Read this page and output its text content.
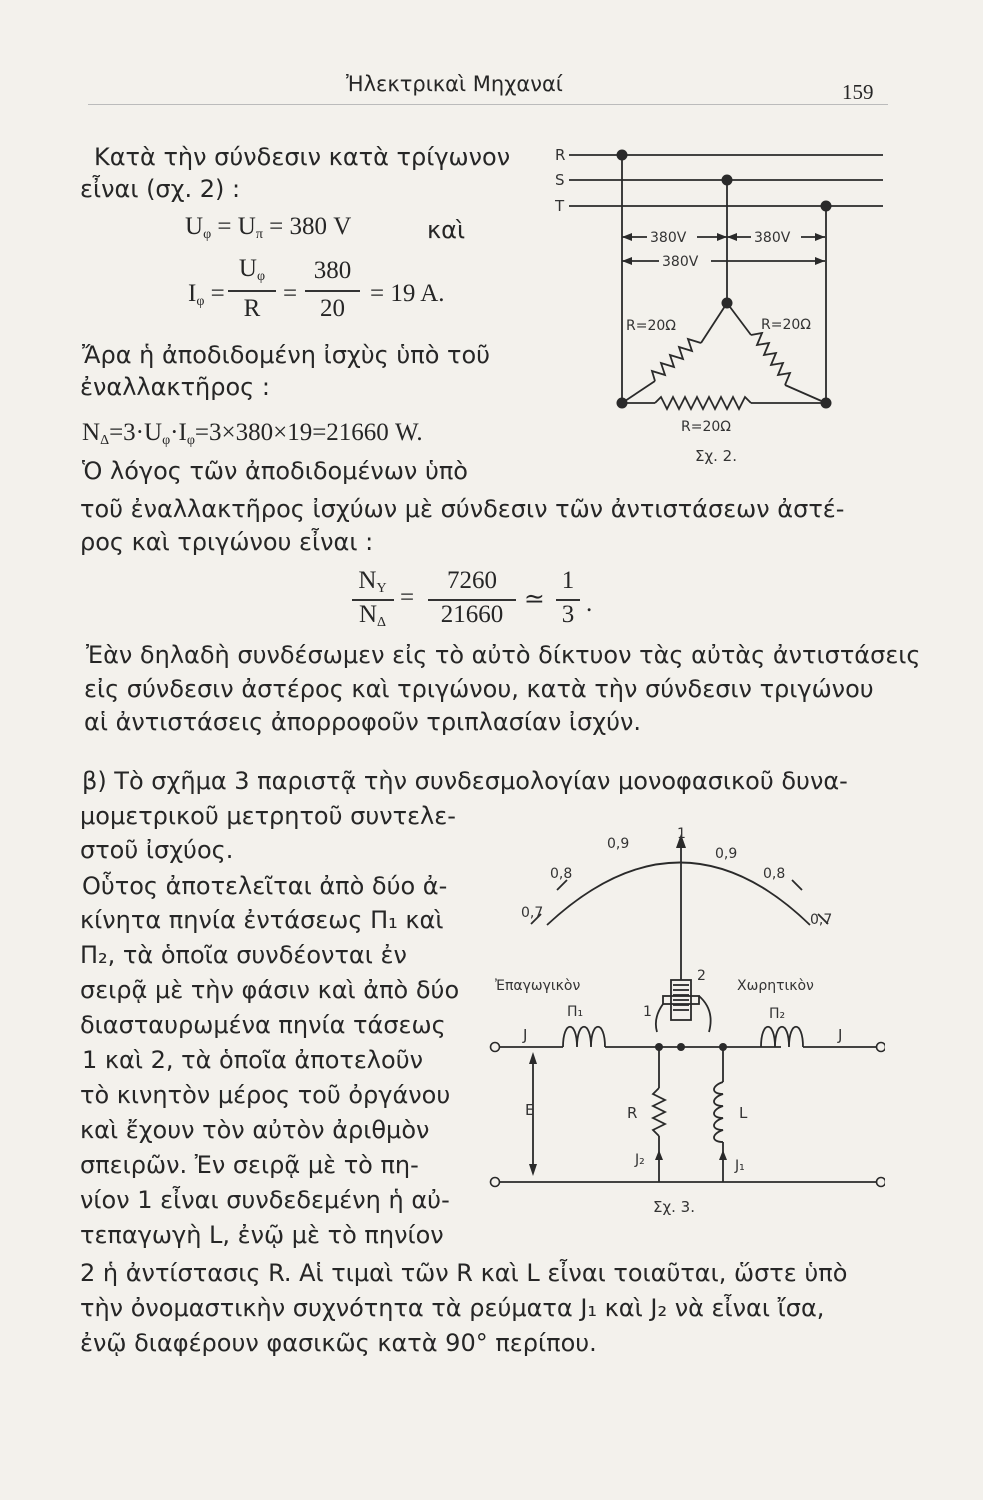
Ἠλεκτρικαὶ Μηχαναί	159
Κατὰ τὴν σύνδεσιν κατὰ τρίγωνον
εἶναι (σχ. 2) :
$U_\varphi = U_\pi = 380$ V	καὶ
$I_\varphi$ =
$U_\varphi$
R
=
380
20
= 19 A.
Ἄρα ἡ ἀποδιδομένη ἰσχὺς ὑπὸ τοῦ
ἐναλλακτῆρος :
$N_\Delta=3\cdot U_\varphi\cdot I_\varphi=3\times 380\times 19=21660$ W.
Ὁ λόγος τῶν ἀποδιδομένων ὑπὸ
τοῦ ἐναλλακτῆρος ἰσχύων μὲ σύνδεσιν τῶν ἀντιστάσεων ἀστέ-
ρος καὶ τριγώνου εἶναι :
$N_\Upsilon$
$N_\Delta$
=
7260
21660
≃
1
3 .
Ἐὰν δηλαδὴ συνδέσωμεν εἰς τὸ αὐτὸ δίκτυον τὰς αὐτὰς ἀντιστάσεις
εἰς σύνδεσιν ἀστέρος καὶ τριγώνου, κατὰ τὴν σύνδεσιν τριγώνου
αἱ ἀντιστάσεις ἀπορροφοῦν τριπλασίαν ἰσχύν.
β) Τὸ σχῆμα 3 παριστᾷ τὴν συνδεσμολογίαν μονοφασικοῦ δυνα-
μομετρικοῦ μετρητοῦ συντελε-
στοῦ ἰσχύος.
Οὗτος ἀποτελεῖται ἀπὸ δύο ἀ-
κίνητα πηνία ἐντάσεως Π₁ καὶ
Π₂, τὰ ὁποῖα συνδέονται ἐν
σειρᾷ μὲ τὴν φάσιν καὶ ἀπὸ δύο
διασταυρωμένα πηνία τάσεως
1 καὶ 2, τὰ ὁποῖα ἀποτελοῦν
τὸ κινητὸν μέρος τοῦ ὀργάνου
καὶ ἔχουν τὸν αὐτὸν ἀριθμὸν
σπειρῶν. Ἐν σειρᾷ μὲ τὸ πη-
νίον 1 εἶναι συνδεδεμένη ἡ αὐ-
τεπαγωγὴ L, ἐνῷ μὲ τὸ πηνίον
2 ἡ ἀντίστασις R. Αἱ τιμαὶ τῶν R καὶ L εἶναι τοιαῦται, ὥστε ὑπὸ
τὴν ὀνομαστικὴν συχνότητα τὰ ρεύματα J₁ καὶ J₂ νὰ εἶναι ἴσα,
ἐνῷ διαφέρουν φασικῶς κατὰ 90° περίπου.
R
S
T
380V	380V
380V
R=20Ω	R=20Ω
R=20Ω
Σχ. 2.
0,9
1
0,9
0,8	0,8
0,7	0,7
Ἐπαγωγικὸν	Χωρητικὸν
Π₁	Π₂
1
2
J	J
E	R	L
J₂	J₁
Σχ. 3.
